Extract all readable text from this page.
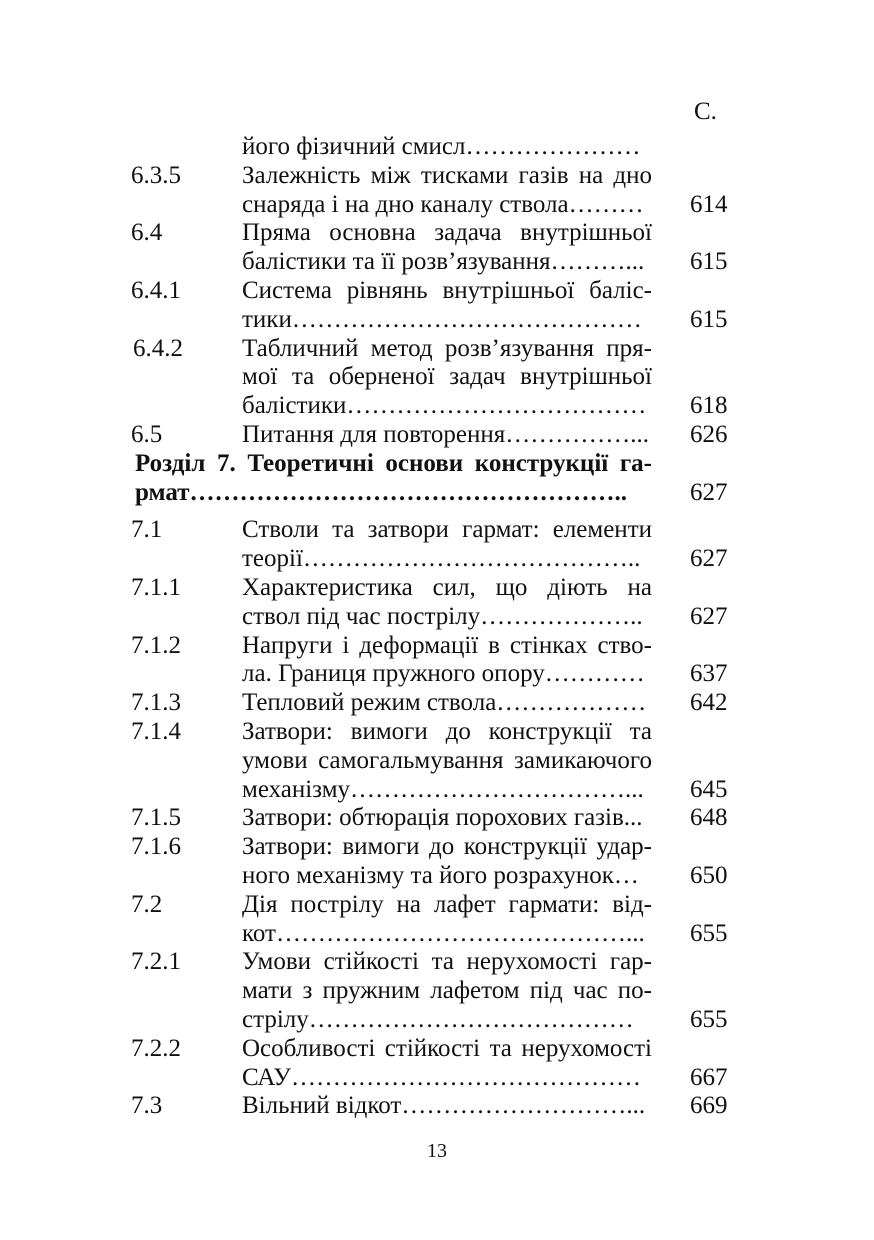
С.
його фізичний смисл…………………
6.3.5 Залежність між тисками газів на дно
снаряда і на дно каналу ствола………	614
6.4	Пряма основна задача внутрішньої
балістики та її розв’язування………...	615
6.4.1 Система рівнянь внутрішньої баліс-
тики……………………………………	615
6.4.2 Табличний метод розв’язування пря-
мої та оберненої задач внутрішньої
балістики……………………………… 618
6.5	Питання для повторення……………... 626
Розділ 7. Теоретичні основи конструкції га-
рмат……………………………………………..	627
7.1	Стволи та затвори гармат: елементи
теорії…………………………………..	627
7.1.1 Характеристика сил, що діють на
ствол під час пострілу………………..	627
7.1.2 Напруги і деформації в стінках ство-
ла. Границя пружного опору………… 637
7.1.3 Тепловий режим ствола……………… 642
7.1.4 Затвори: вимоги до конструкції та
умови самогальмування замикаючого
механізму……………………………...	645
7.1.5 Затвори: обтюрація порохових газів...	648
7.1.6 Затвори: вимоги до конструкції удар-
ного механізму та його розрахунок…	650
7.2	Дія пострілу на лафет гармати: від-
кот……………………………………... 655
7.2.1 Умови стійкості та нерухомості гар-
мати з пружним лафетом під час по-
стрілу…………………………………	655
7.2.2 Особливості стійкості та нерухомості
САУ……………………………………	667
7.3	Вільний відкот………………………... 669
13
